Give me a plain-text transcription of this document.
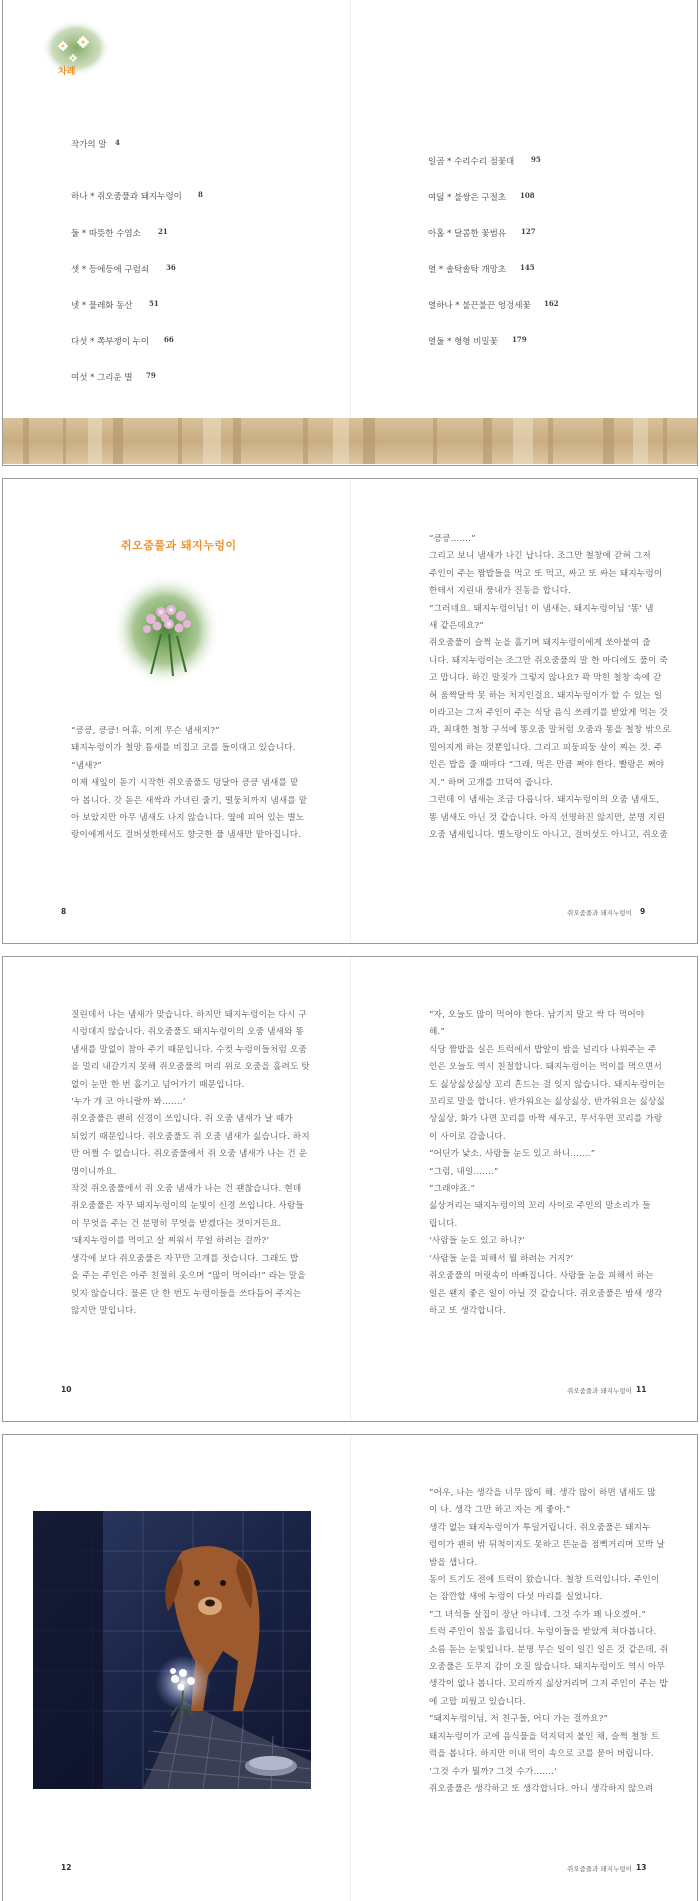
차례
작가의 말 4
하나 * 쥐오줌풀과 돼지누렁이 8
둘 * 따뜻한 수염소 21
셋 * 등에등에 구럼쇠 36
넷 * 물레화 동산 51
다섯 * 쪽부쟁이 누이 66
여섯 * 그리운 별 79
일곱 * 수리수리 점꽃대 95
여덟 * 불쌍은 구절초 108
아홉 * 달콤한 꽃범유 127
열 * 솔탁솔탁 개망초 145
열하나 * 불끈불끈 엉겅세꽃 162
열둘 * 형형 비밀꽃 179
쥐오줌풀과 돼지누렁이

“킁킁, 킁킁! 어휴, 이게 무슨 냄새지?”

돼지누렁이가 철망 틈새를 비집고 코를 들이대고 있습니다.

“냄새?”

이제 새잎이 돋기 시작한 쥐오줌풀도 덩달아 킁킁 냄새를 맡

아 봅니다. 갓 돋은 새싹과 가녀린 줄기, 떨둥치까지 냄새를 맡

아 보았지만 아무 냄새도 나지 않습니다. 옆에 피어 있는 별노

랑이에게서도 걸버섯한테서도 향긋한 풀 냄새만 맡아집니다.

“킁킁…….”

그리고 보니 냄새가 나긴 납니다. 조그만 철창에 갇혀 그저

주인이 주는 짬밥들을 먹고 또 먹고, 싸고 또 싸는 돼지누렁이

한테서 지린내 풍내가 진동을 합니다.

“그러네요. 돼지누렁이님! 이 냄새는, 돼지누렁이님 ‘똥’ 냄

새 같은데요?”

쥐오줌풀이 슬쩍 눈을 흘기며 돼지누렁이에게 쏘아붙여 줍

니다. 돼지누렁이는 조그만 쥐오줌풀의 말 한 마디에도 풀이 죽

고 맙니다. 하긴 말짓가 그렇지 않나요? 꽉 막힌 철창 속에 갇

혀 움짝달싹 못 하는 처지인걸요. 돼지누렁이가 할 수 있는 일

이라고는 그저 주인이 주는 식당 음식 쓰레기를 받았게 먹는 것

과, 최대한 철창 구석에 똥오줌 말처럼 오줌과 똥을 철창 밖으로

밀어지게 하는 것뿐입니다. 그리고 피둥피둥 살이 찌는 것. 주

인은 밥을 줄 때마다 “그래, 먹은 만큼 쪄야 한다. 빨랑은 쪄야

지.” 하며 고개를 끄덕여 줍니다.

그런데 이 냄새는 조금 다릅니다. 돼지누렁이의 오줌 냄새도,

똥 냄새도 아닌 것 같습니다. 아직 선명하진 않지만, 분명 지린

오줌 냄새입니다. 별노랑이도 아니고, 걸버섯도 아니고, 쥐오줌

8	쥐오줌풀과 돼지누렁이 9

질린데서 나는 냄새가 맞습니다. 하지만 돼지누렁이는 다시 구

시렁대지 않습니다. 쥐오줌풀도 돼지누렁이의 오줌 냄새와 똥

냄새를 말없이 참아 주기 때문입니다. 수컷 누렁이들처럼 오줌

을 멀리 내갈기지 못해 쥐오줌풀의 머리 위로 오줌을 흘려도 탓

없이 눈만 한 번 흘기고 넘어가기 때문입니다.

‘누가 개 코 아니랄까 봐…….’

쥐오줌풀은 괜히 신경이 쓰입니다. 쥐 오줌 냄새가 날 때가

되었기 때문입니다. 쥐오줌풀도 쥐 오줌 냄새가 싫습니다. 하지

만 어쩔 수 없습니다. 쥐오줌풀에서 쥐 오줌 냄새가 나는 건 운

명이니까요.

작것 쥐오줌풀에서 쥐 오줌 냄새가 나는 건 괜찮습니다. 현데

쥐오줌풀은 자꾸 돼지누렁이의 눈빛이 신경 쓰입니다. 사람들

이 무엇을 주는 건 분명히 무엇을 받겠다는 것이거든요.

‘돼지누렁이를 먹이고 살 찌워서 무얼 하려는 걸까?’

생각에 보다 쥐오줌풀은 자꾸만 고개를 젓습니다. 그래도 밥

을 주는 주인은 아주 친절히 옷으며 “많이 먹어라!” 라는 말을

잊지 않습니다. 물론 단 한 번도 누렁이들을 쓰다듬어 주지는

않지만 말입니다.

“자, 오늘도 많이 먹어야 한다. 남기지 말고 싹 다 먹어야

해.”

식당 짬밥을 실은 트럭에서 밥알이 밤을 널리다 나워주는 주

인은 오늘도 역시 친절합니다. 돼지누렁이는 먹이를 먹으면서

도 싫상싫상싫상 꼬리 흔드는 걸 잊지 않습니다. 돼지누렁이는

꼬리로 말을 합니다. 반가워요는 싫상싫상, 반가워요는 싫상싫

상싫상, 화가 나면 꼬리를 바짝 세우고, 무서우면 꼬리를 가랑

이 사이로 감춥니다.

“어딘가 낯소. 사람들 눈도 있고 하니…….”

“그럼, 내일…….”

“그래야죠.”

싫상거리는 돼지누렁이의 꼬리 사이로 주인의 말소리가 들

립니다.

‘사람들 눈도 있고 하니?’

‘사람들 눈을 피해서 뭘 하려는 거지?’

쥐오줌풀의 머릿속이 바빠집니다. 사람들 눈을 피해서 하는

일은 왠지 좋은 일이 아닐 것 같습니다. 쥐오줌풀은 밤새 생각

하고 또 생각합니다.

10	쥐오줌풀과 돼지누렁이 11

“어우, 나는 생각을 너무 많이 해. 생각 많이 하면 냄새도 많

이 나. 생각 그만 하고 자는 게 좋아.”

생각 없는 돼지누렁이가 투덜거립니다. 쥐오줌풀은 돼지누

렁이가 괜히 밖 뒤척이지도 못하고 뜬눈을 점뻑거리며 꼬박 날

밤을 샙니다.

동이 트기도 전에 트럭이 왔습니다. 철창 트럭입니다. 주인이

는 잠깐할 새에 누렁이 다섯 마리를 실었니다.

“그 녀석들 살집이 장난 아니네. 그것 수가 꽤 나오겠어.”

트럭 주인이 침을 흘립니다. 누렁이들을 받았게 쳐다봅니다.

소름 돋는 눈빛입니다. 분명 무슨 일이 일긴 일은 것 같은데, 쥐

오줌풀은 도무지 감이 오질 않습니다. 돼지누렁이도 역시 아무

생각이 없나 봅니다. 꼬리까지 싫상거리며 그저 주인이 주는 밥

에 고맙 피웠고 있습니다.

“돼지누렁이님, 저 친구들, 어디 가는 걸까요?”

돼지누렁이가 코에 음식물을 덕지덕지 붙인 채, 슬쩍 철창 트

럭을 봅니다. 하지만 이내 먹이 속으로 코를 묻어 버립니다.

‘그것 수가 뭘까? 그것 수가…….’

쥐오줌풀은 생각하고 또 생각합니다. 아니 생각하지 않으려

12	쥐오줌풀과 돼지누렁이 13
